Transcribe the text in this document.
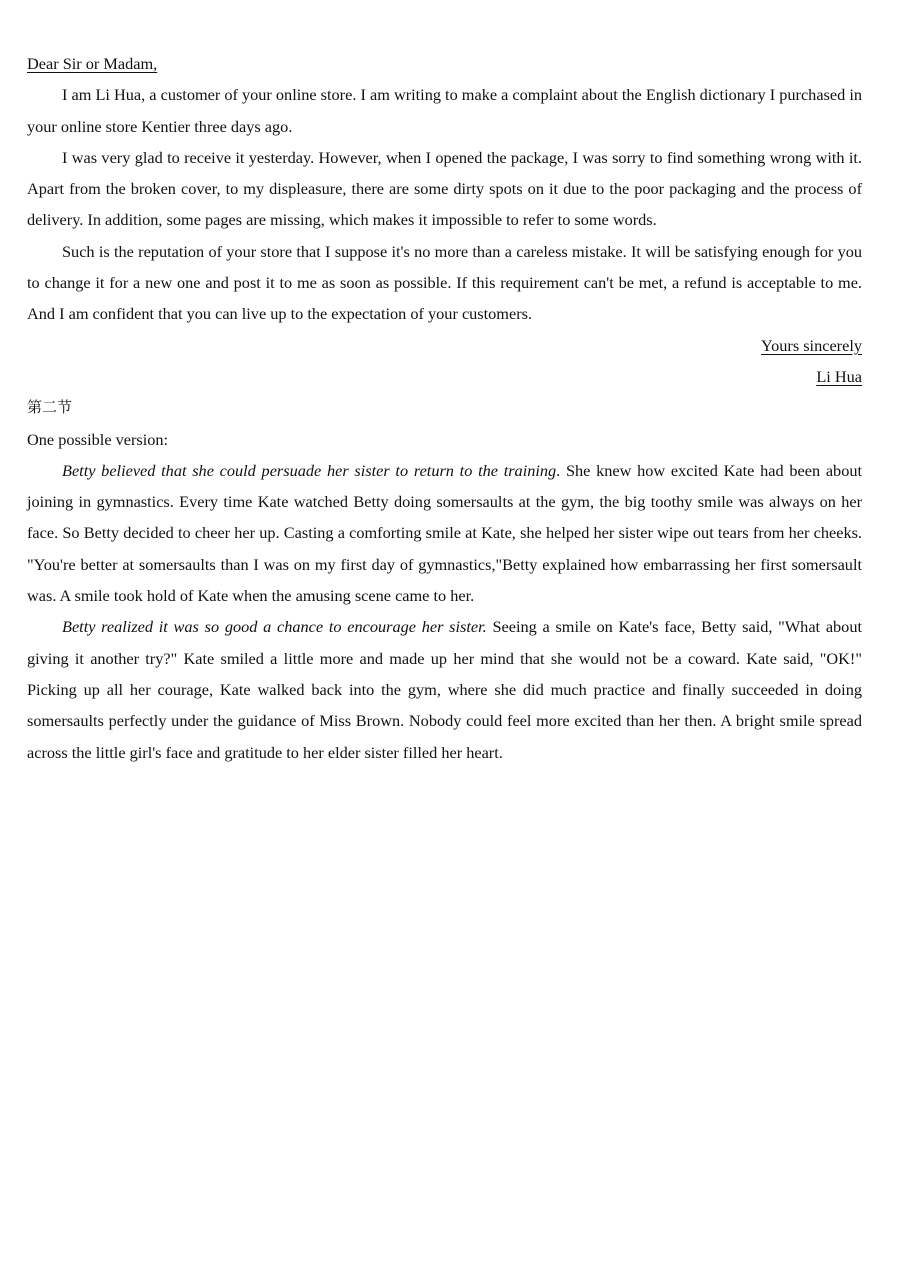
Dear Sir or Madam,

I am Li Hua, a customer of your online store. I am writing to make a complaint about the English dictionary I purchased in your online store Kentier three days ago.

I was very glad to receive it yesterday. However, when I opened the package, I was sorry to find something wrong with it. Apart from the broken cover, to my displeasure, there are some dirty spots on it due to the poor packaging and the process of delivery. In addition, some pages are missing, which makes it impossible to refer to some words.

Such is the reputation of your store that I suppose it's no more than a careless mistake. It will be satisfying enough for you to change it for a new one and post it to me as soon as possible. If this requirement can't be met, a refund is acceptable to me. And I am confident that you can live up to the expectation of your customers.

Yours sincerely

Li Hua

第二节

One possible version:

Betty believed that she could persuade her sister to return to the training. She knew how excited Kate had been about joining in gymnastics. Every time Kate watched Betty doing somersaults at the gym, the big toothy smile was always on her face. So Betty decided to cheer her up. Casting a comforting smile at Kate, she helped her sister wipe out tears from her cheeks. "You're better at somersaults than I was on my first day of gymnastics,"Betty explained how embarrassing her first somersault was. A smile took hold of Kate when the amusing scene came to her.

Betty realized it was so good a chance to encourage her sister. Seeing a smile on Kate's face, Betty said, "What about giving it another try?" Kate smiled a little more and made up her mind that she would not be a coward. Kate said, "OK!" Picking up all her courage, Kate walked back into the gym, where she did much practice and finally succeeded in doing somersaults perfectly under the guidance of Miss Brown. Nobody could feel more excited than her then. A bright smile spread across the little girl's face and gratitude to her elder sister filled her heart.
